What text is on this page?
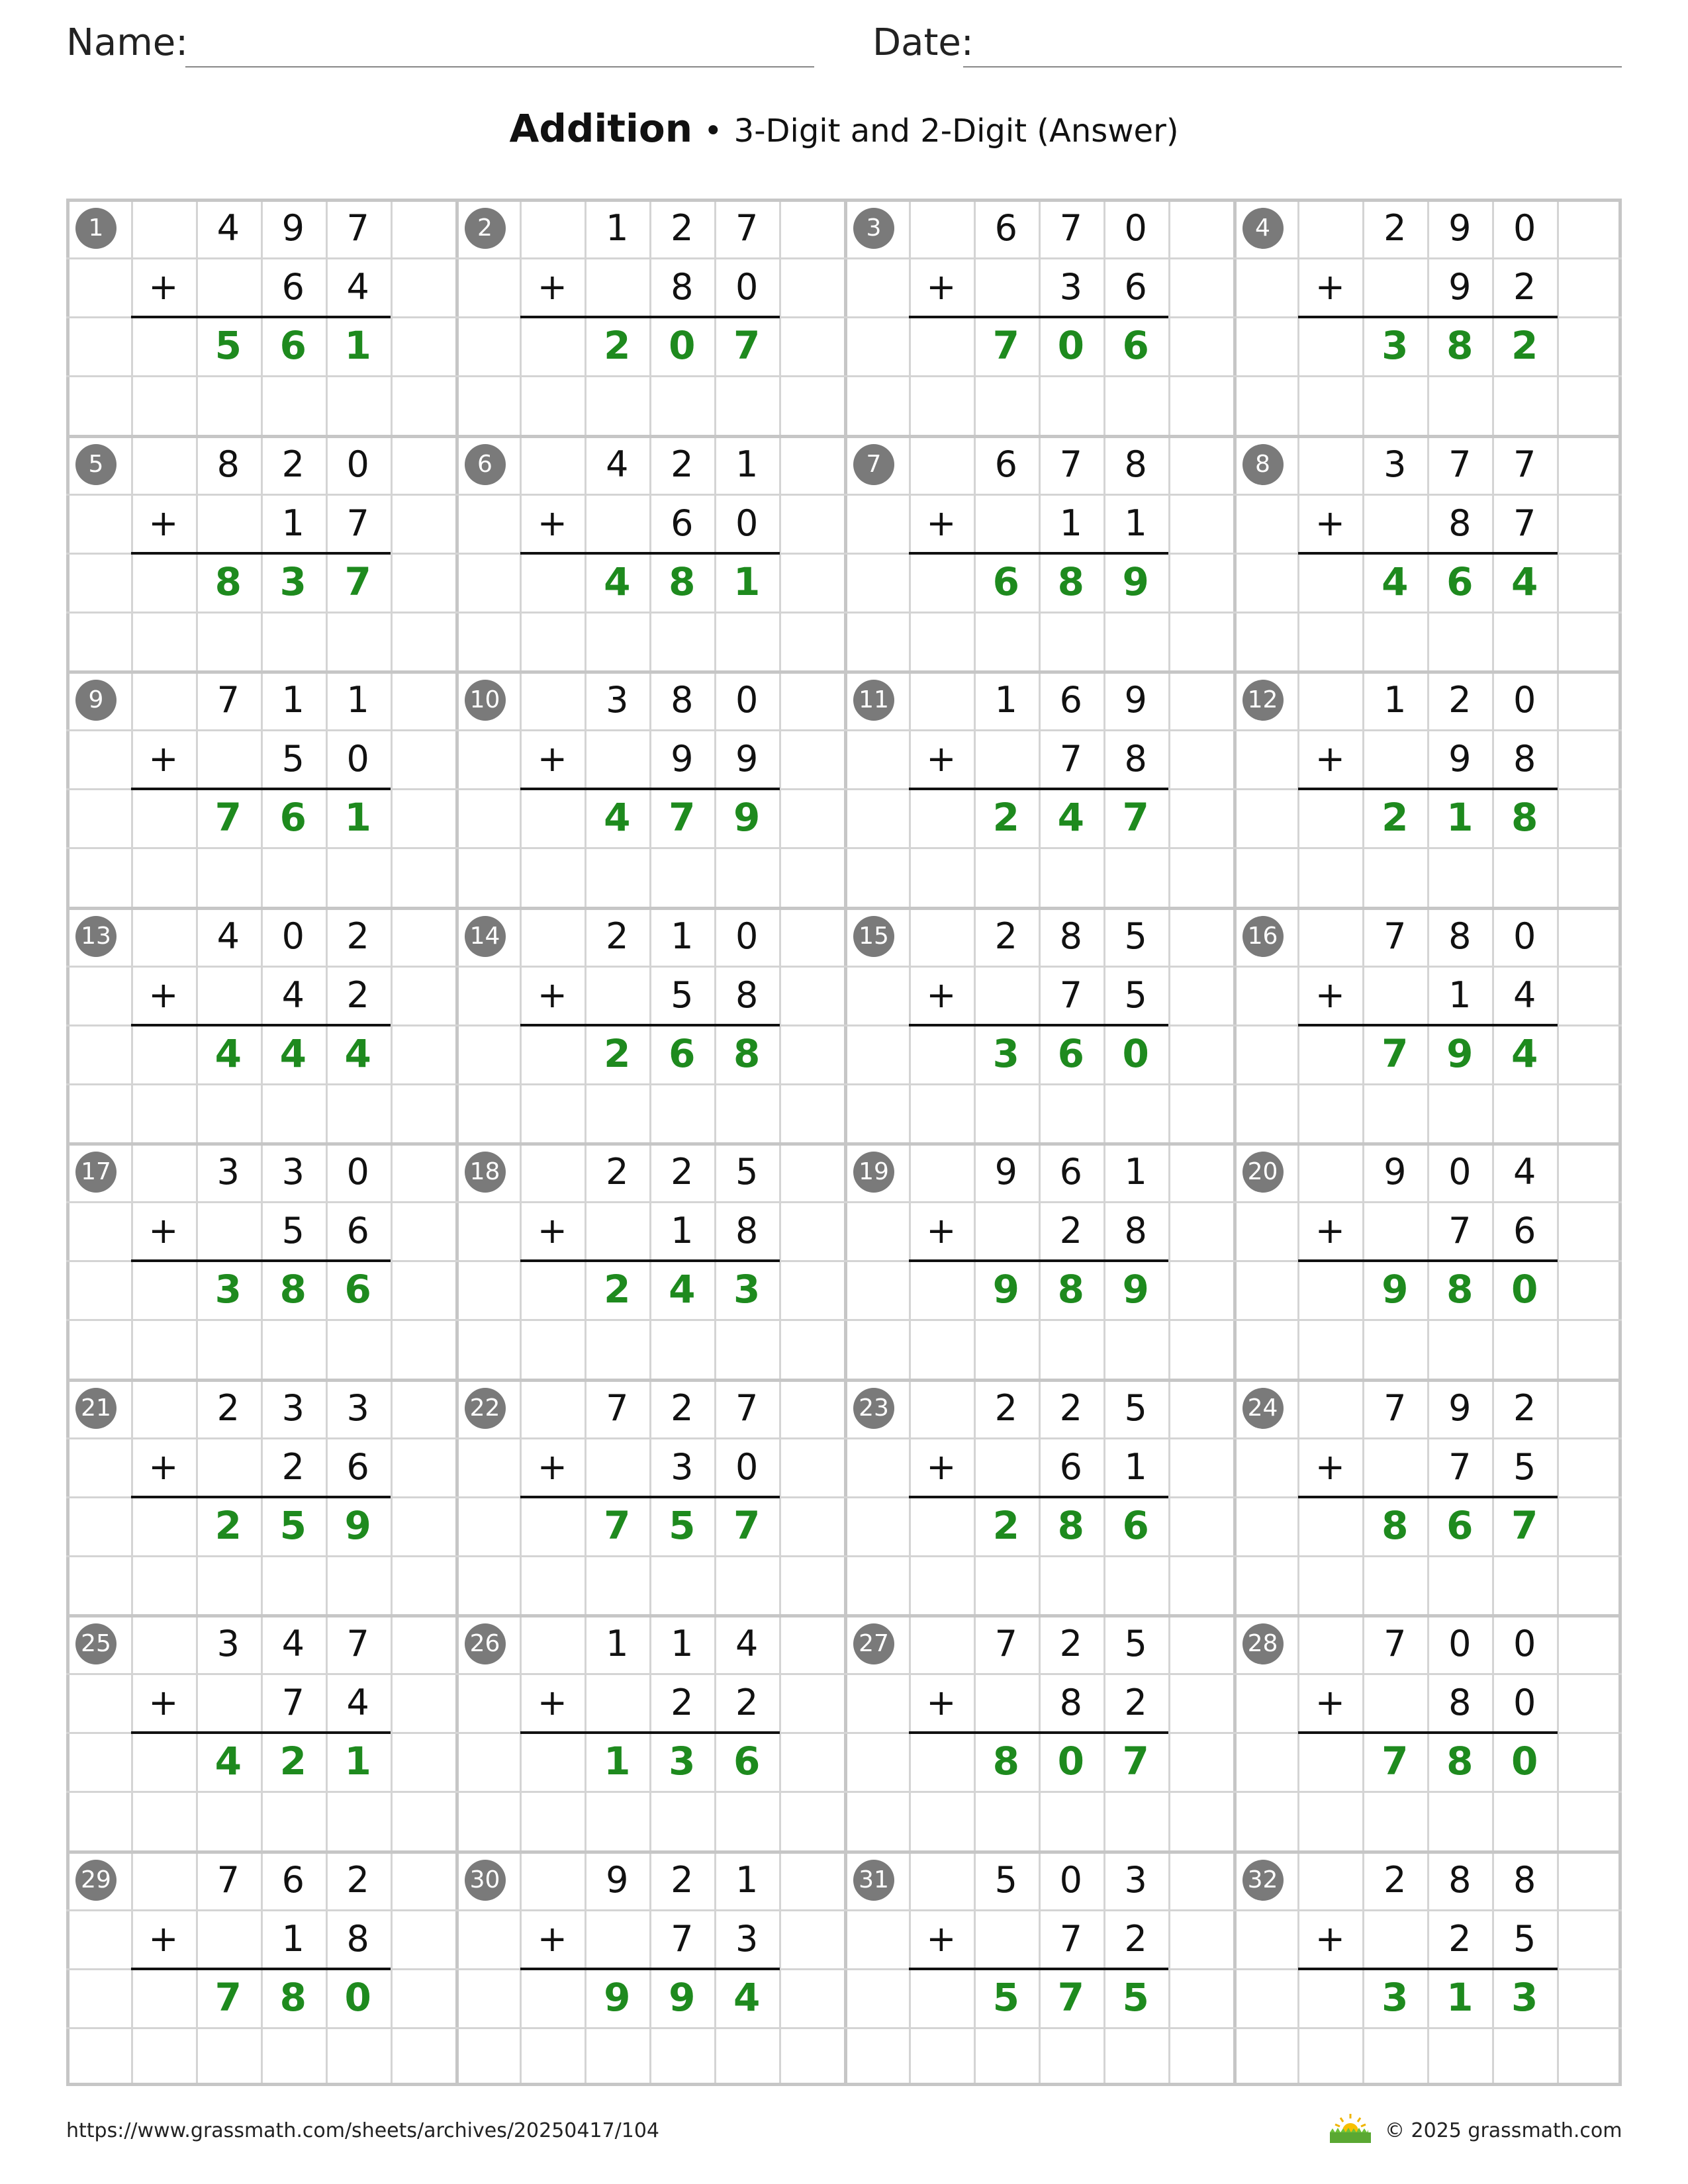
Name:	Date:
Addition • 3-Digit and 2-Digit (Answer)
1	4	9	7
+	6	4
5 6 1
2	1	2	7
+	8	0
2 0 7
3	6	7	0
+	3	6
7 0 6
4	2	9	0
+	9	2
3 8 2
5	8	2	0
+	1	7
8 3 7
6	4	2	1
+	6	0
4 8 1
7	6	7	8
+	1	1
6 8 9
8	3	7	7
+	8	7
4 6 4
9	7	1	1
+	5	0
7 6 1
10	3	8	0
+	9	9
4 7 9
11	1	6	9
+	7	8
2 4 7
12	1	2	0
+	9	8
2 1 8
13	4	0	2
+	4	2
4 4 4
14	2	1	0
+	5	8
2 6 8
15	2	8	5
+	7	5
3 6 0
16	7	8	0
+	1	4
7 9 4
17	3	3	0
+	5	6
3 8 6
18	2	2	5
+	1	8
2 4 3
19	9	6	1
+	2	8
9 8 9
20	9	0	4
+	7	6
9 8 0
21	2	3	3
+	2	6
2 5 9
22	7	2	7
+	3	0
7 5 7
23	2	2	5
+	6	1
2 8 6
24	7	9	2
+	7	5
8 6 7
25	3	4	7
+	7	4
4 2 1
26	1	1	4
+	2	2
1 3 6
27	7	2	5
+	8	2
8 0 7
28	7	0	0
+	8	0
7 8 0
29	7	6	2
+	1	8
7 8 0
30	9	2	1
+	7	3
9 9 4
31	5	0	3
+	7	2
5 7 5
32	2	8	8
+	2	5
3 1 3
https://www.grassmath.com/sheets/archives/20250417/104	© 2025 grassmath.com
